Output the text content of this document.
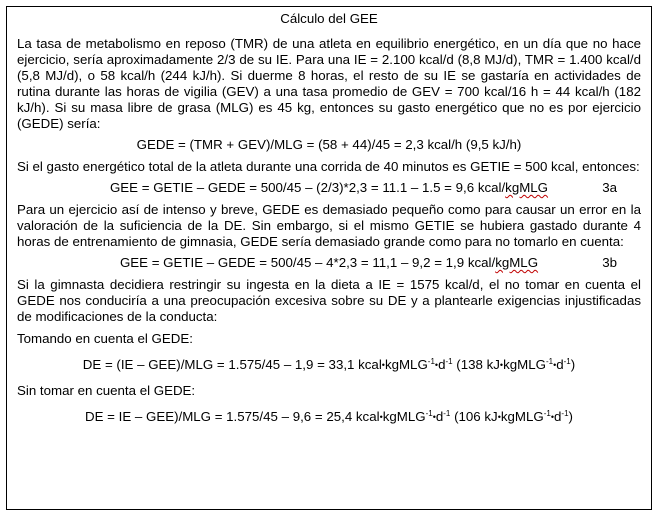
Cálculo del GEE

La tasa de metabolismo en reposo (TMR) de una atleta en equilibrio energético, en un día que no hace ejercicio, sería aproximadamente 2/3 de su IE. Para una IE = 2.100 kcal/d (8,8 MJ/d), TMR = 1.400 kcal/d (5,8 MJ/d), o 58 kcal/h (244 kJ/h). Si duerme 8 horas, el resto de su IE se gastaría en actividades de rutina durante las horas de vigilia (GEV) a una tasa promedio de GEV = 700 kcal/16 h = 44 kcal/h (182 kJ/h). Si su masa libre de grasa (MLG) es 45 kg, entonces su gasto energético que no es por ejercicio (GEDE) sería:

GEDE = (TMR + GEV)/MLG = (58 + 44)/45 = 2,3 kcal/h (9,5 kJ/h)

Si el gasto energético total de la atleta durante una corrida de 40 minutos es GETIE = 500 kcal, entonces:

GEE = GETIE – GEDE = 500/45 – (2/3)*2,3 = 11.1 – 1.5 = 9,6 kcal/kgMLG	3a

Para un ejercicio así de intenso y breve, GEDE es demasiado pequeño como para causar un error en la valoración de la suficiencia de la DE. Sin embargo, si el mismo GETIE se hubiera gastado durante 4 horas de entrenamiento de gimnasia, GEDE sería demasiado grande como para no tomarlo en cuenta:

GEE = GETIE – GEDE = 500/45 – 4*2,3 = 11,1 – 9,2 = 1,9 kcal/kgMLG	3b

Si la gimnasta decidiera restringir su ingesta en la dieta a IE = 1575 kcal/d, el no tomar en cuenta el GEDE nos conduciría a una preocupación excesiva sobre su DE y a plantearle exigencias injustificadas de modificaciones de la conducta:

Tomando en cuenta el GEDE:

DE = (IE – GEE)/MLG = 1.575/45 – 1,9 = 33,1 $kcal•kgMLG^{-1}•d^{-1}$ (138 $kJ•kgMLG^{-1}•d^{-1}$)

Sin tomar en cuenta el GEDE:

DE = IE – GEE)/MLG = 1.575/45 – 9,6 = 25,4 $kcal•kgMLG^{-1}•d^{-1}$ (106 $kJ•kgMLG^{-1}•d^{-1}$)
